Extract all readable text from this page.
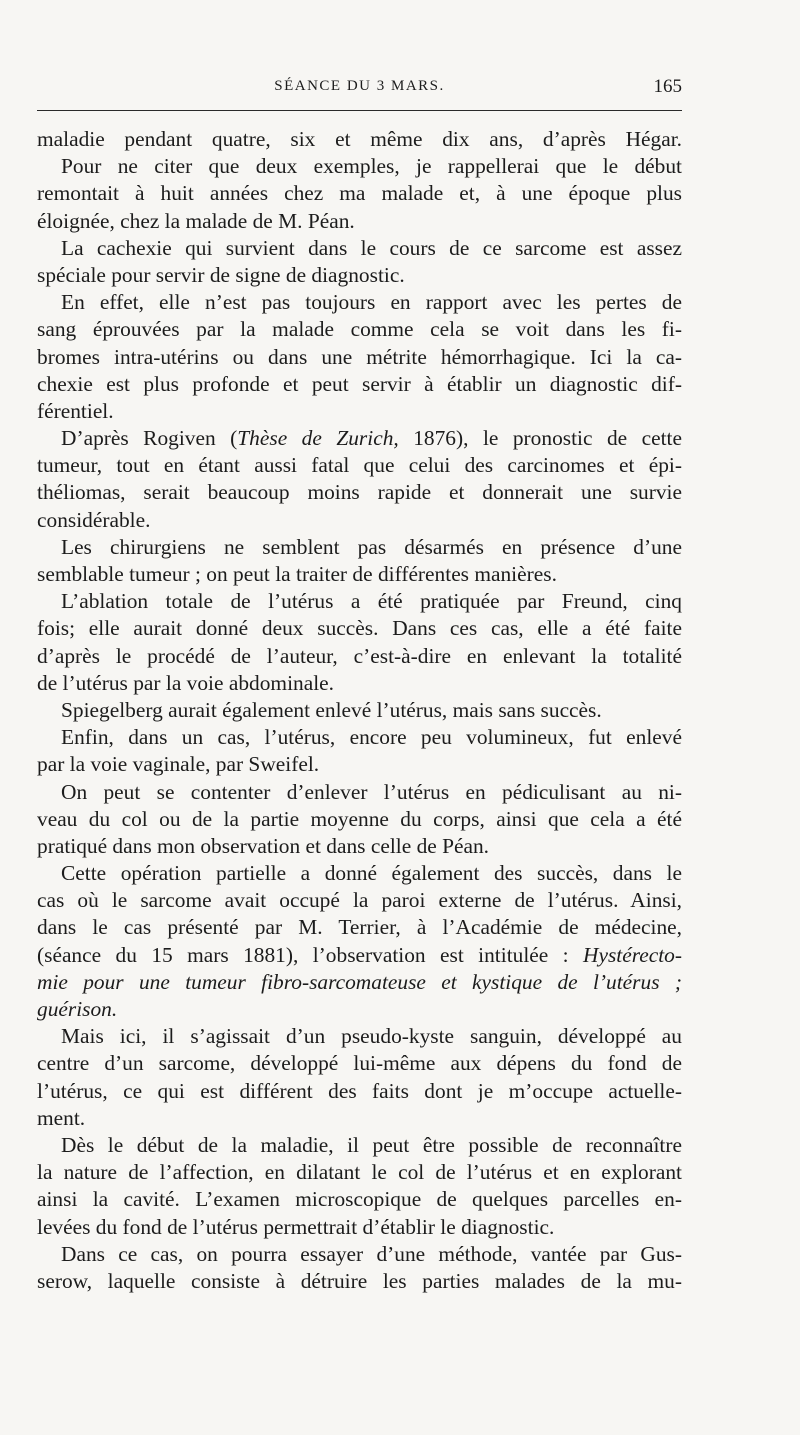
SÉANCE DU 3 MARS.	165
maladie pendant quatre, six et même dix ans, d’après Hégar.
Pour ne citer que deux exemples, je rappellerai que le début
remontait à huit années chez ma malade et, à une époque plus
éloignée, chez la malade de M. Péan.
La cachexie qui survient dans le cours de ce sarcome est assez
spéciale pour servir de signe de diagnostic.
En effet, elle n’est pas toujours en rapport avec les pertes de
sang éprouvées par la malade comme cela se voit dans les fi-
bromes intra-utérins ou dans une métrite hémorrhagique. Ici la ca-
chexie est plus profonde et peut servir à établir un diagnostic dif-
férentiel.
D’après Rogiven (Thèse de Zurich, 1876), le pronostic de cette
tumeur, tout en étant aussi fatal que celui des carcinomes et épi-
théliomas, serait beaucoup moins rapide et donnerait une survie
considérable.
Les chirurgiens ne semblent pas désarmés en présence d’une
semblable tumeur ; on peut la traiter de différentes manières.
L’ablation totale de l’utérus a été pratiquée par Freund, cinq
fois; elle aurait donné deux succès. Dans ces cas, elle a été faite
d’après le procédé de l’auteur, c’est-à-dire en enlevant la totalité
de l’utérus par la voie abdominale.
Spiegelberg aurait également enlevé l’utérus, mais sans succès.
Enfin, dans un cas, l’utérus, encore peu volumineux, fut enlevé
par la voie vaginale, par Sweifel.
On peut se contenter d’enlever l’utérus en pédiculisant au ni-
veau du col ou de la partie moyenne du corps, ainsi que cela a été
pratiqué dans mon observation et dans celle de Péan.
Cette opération partielle a donné également des succès, dans le
cas où le sarcome avait occupé la paroi externe de l’utérus. Ainsi,
dans le cas présenté par M. Terrier, à l’Académie de médecine,
(séance du 15 mars 1881), l’observation est intitulée : Hystérecto-
mie pour une tumeur fibro-sarcomateuse et kystique de l’utérus ;
guérison.
Mais ici, il s’agissait d’un pseudo-kyste sanguin, développé au
centre d’un sarcome, développé lui-même aux dépens du fond de
l’utérus, ce qui est différent des faits dont je m’occupe actuelle-
ment.
Dès le début de la maladie, il peut être possible de reconnaître
la nature de l’affection, en dilatant le col de l’utérus et en explorant
ainsi la cavité. L’examen microscopique de quelques parcelles en-
levées du fond de l’utérus permettrait d’établir le diagnostic.
Dans ce cas, on pourra essayer d’une méthode, vantée par Gus-
serow, laquelle consiste à détruire les parties malades de la mu-
